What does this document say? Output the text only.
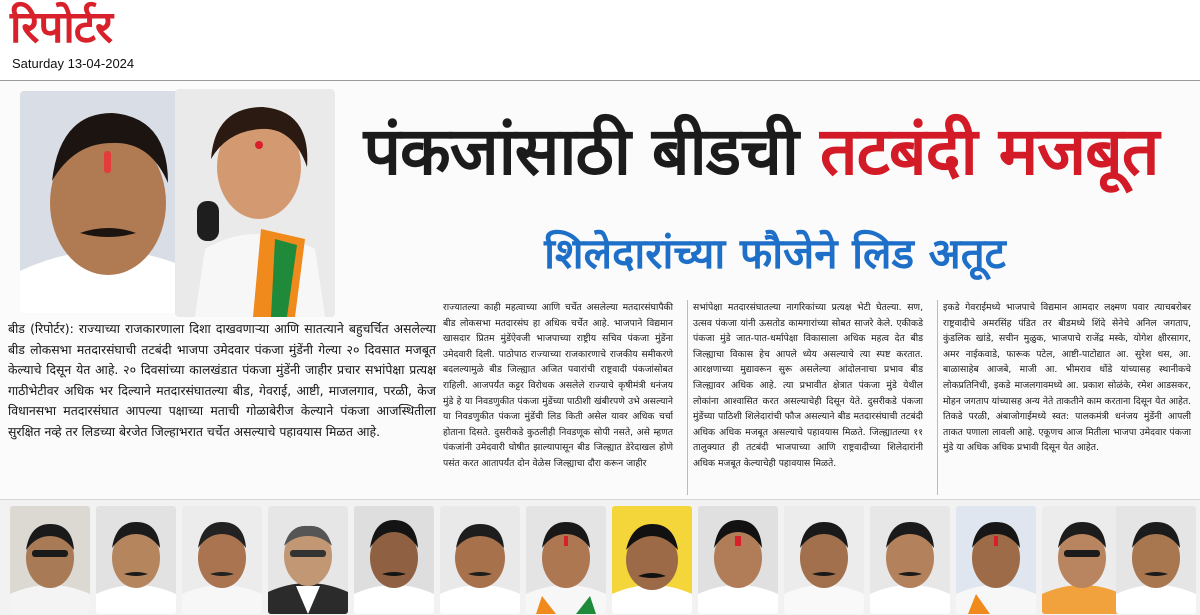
रिपोर्टर
Saturday 13-04-2024
पंकजांसाठी बीडची तटबंदी मजबूत
शिलेदारांच्या फौजेने लिड अतूट

बीड (रिपोर्टर): राज्याच्या राजकारणाला दिशा दाखवणाऱ्या आणि सातत्याने बहुचर्चित असलेल्या बीड लोकसभा मतदारसंघाची तटबंदी भाजपा उमेदवार पंकजा मुंडेंनी गेल्या २० दिवसात मजबूत केल्याचे दिसून येत आहे. २० दिवसांच्या कालखंडात पंकजा मुंडेंनी जाहीर प्रचार सभांपेक्षा प्रत्यक्ष गाठीभेटीवर अधिक भर दिल्याने मतदारसंघातल्या बीड, गेवराई, आष्टी, माजलगाव, परळी, केज विधानसभा मतदारसंघात आपल्या पक्षाच्या मताची गोळाबेरीज केल्याने पंकजा आजस्थितीला सुरक्षित नव्हे तर लिडच्या बेरजेत जिल्हाभरात चर्चेत असल्याचे पहावयास मिळत आहे.

राज्यातल्या काही महत्वाच्या आणि चर्चेत असलेल्या मतदारसंघापैकी बीड लोकसभा मतदारसंघ हा अधिक चर्चेत आहे. भाजपाने विद्यमान खासदार प्रितम मुंडेंऐवजी भाजपाच्या राष्ट्रीय सचिव पंकजा मुंडेंना उमेदवारी दिली. पाठोपाठ राज्याच्या राजकारणाचे राजकीय समीकरणे बदलल्यामुळे बीड जिल्ह्यात अजित पवारांची राष्ट्रवादी पंकजांसोबत राहिली. आजपर्यंत कट्टर विरोधक असलेले राज्याचे कृषीमंत्री धनंजय मुंडे हे या निवडणुकीत पंकजा मुंडेंच्या पाठीशी खंबीरपणे उभे असल्याने या निवडणुकीत पंकजा मुंडेंची लिड किती असेल यावर अधिक चर्चा होताना दिसते. दुसरीकडे कुठलीही निवडणूक सोपी नसते, असे म्हणत पंकजांनी उमेदवारी घोषीत झाल्यापासून बीड जिल्ह्यात डेरेदाखल होणे पसंत करत आतापर्यंत दोन वेळेस जिल्ह्याचा दौरा करून जाहीर

सभांपेक्षा मतदारसंघातल्या नागरिकांच्या प्रत्यक्ष भेटी घेतल्या. सण, उत्सव पंकजा यांनी ऊसतोड कामगारांच्या सोबत साजरे केले. एकीकडे पंकजा मुंडे जात-पात-धर्मापेक्षा विकासाला अधिक महत्व देत बीड जिल्ह्याचा विकास हेच आपले ध्येय असल्याचे त्या स्पष्ट करतात. आरक्षणाच्या मुद्यावरून सुरू असलेल्या आंदोलनाचा प्रभाव बीड जिल्ह्यावर अधिक आहे. त्या प्रभावीत क्षेत्रात पंकजा मुंडे येथील लोकांना आश्वासित करत असल्याचेही दिसून येते. दुसरीकडे पंकजा मुंडेंच्या पाठिशी शिलेदारांची फौज असल्याने बीड मतदारसंघाची तटबंदी अधिक अधिक मजबूत असल्याचे पहावयास मिळते. जिल्ह्यातल्या ११ तालुक्यात ही तटबंदी भाजपाच्या आणि राष्ट्रवादीच्या शिलेदारांनी अधिक मजबूत केल्याचेही पहावयास मिळते.

इकडे गेवराईमध्ये भाजपाचे विद्यमान आमदार लक्ष्मण पवार त्याचबरोबर राष्ट्रवादीचे अमरसिंह पंडित तर बीडमध्ये शिंदे सेनेचे अनिल जगताप, कुंडलिक खांडे, सचीन मुळुक, भाजपाचे राजेंद्र मस्के, योगेश क्षीरसागर, अमर नाईकवाडे, फारूक पटेल, आष्टी-पाटोद्यात आ. सुरेश धस, आ. बाळासाहेब आजबे, माजी आ. भीमराव धोंडे यांच्यासह स्थानीकचे लोकप्रतिनिधी, इकडे माजलगावमध्ये आ. प्रकाश सोळंके, रमेश आडसकर, मोहन जगताप यांच्यासह अन्य नेते ताकतीने काम करताना दिसून येत आहेत. तिकडे परळी, अंबाजोगाईमध्ये स्वत: पालकमंत्री धनंजय मुंडेंनी आपली ताकत पणाला लावली आहे. एकूणच आज मितीला भाजपा उमेदवार पंकजा मुंडे या अधिक अधिक प्रभावी दिसून येत आहेत.
